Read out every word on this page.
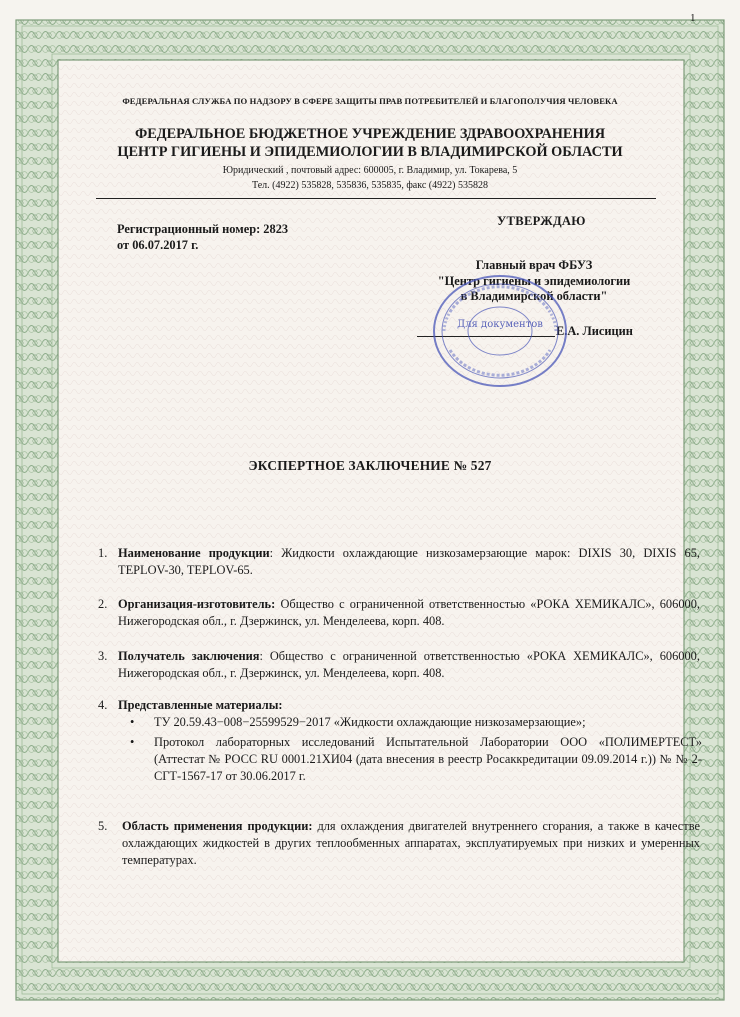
1
ФЕДЕРАЛЬНАЯ СЛУЖБА ПО НАДЗОРУ В СФЕРЕ ЗАЩИТЫ ПРАВ ПОТРЕБИТЕЛЕЙ И БЛАГОПОЛУЧИЯ ЧЕЛОВЕКА
ФЕДЕРАЛЬНОЕ БЮДЖЕТНОЕ УЧРЕЖДЕНИЕ ЗДРАВООХРАНЕНИЯ
ЦЕНТР ГИГИЕНЫ И ЭПИДЕМИОЛОГИИ В ВЛАДИМИРСКОЙ ОБЛАСТИ
Юридический , почтовый адрес: 600005, г. Владимир, ул. Токарева, 5
Тел. (4922) 535828, 535836, 535835, факс (4922) 535828
Регистрационный номер: 2823
от 06.07.2017 г.
УТВЕРЖДАЮ
Главный врач ФБУЗ
"Центр гигиены и эпидемиологии
в Владимирской области"
Е.А. Лисицин
Для документов
ЭКСПЕРТНОЕ ЗАКЛЮЧЕНИЕ № 527
1. Наименование продукции: Жидкости охлаждающие низкозамерзающие марок: DIXIS 30, DIXIS 65, TEPLOV-30, TEPLOV-65.
2. Организация-изготовитель: Общество с ограниченной ответственностью «РОКА ХЕМИКАЛС», 606000, Нижегородская обл., г. Дзержинск, ул. Менделеева, корп. 408.
3. Получатель заключения: Общество с ограниченной ответственностью «РОКА ХЕМИКАЛС», 606000, Нижегородская обл., г. Дзержинск, ул. Менделеева, корп. 408.
4. Представленные материалы:
• ТУ 20.59.43−008−25599529−2017 «Жидкости охлаждающие низкозамерзающие»;
• Протокол лабораторных исследований Испытательной Лаборатории ООО «ПОЛИМЕРТЕСТ» (Аттестат № РОСС RU 0001.21ХИ04 (дата внесения в реестр Росаккредитации 09.09.2014 г.)) № № 2-СГТ-1567-17 от 30.06.2017 г.
5. Область применения продукции: для охлаждения двигателей внутреннего сгорания, а также в качестве охлаждающих жидкостей в других теплообменных аппаратах, эксплуатируемых при низких и умеренных температурах.
